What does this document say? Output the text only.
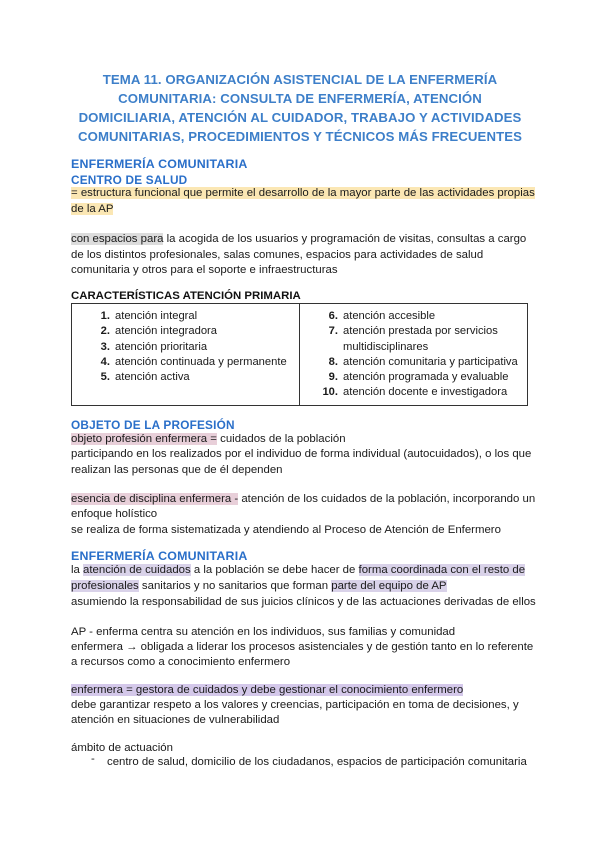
TEMA 11. ORGANIZACIÓN ASISTENCIAL DE LA ENFERMERÍA
COMUNITARIA: CONSULTA DE ENFERMERÍA, ATENCIÓN
DOMICILIARIA, ATENCIÓN AL CUIDADOR, TRABAJO Y ACTIVIDADES
COMUNITARIAS, PROCEDIMIENTOS Y TÉCNICOS MÁS FRECUENTES
ENFERMERÍA COMUNITARIA
CENTRO DE SALUD
= estructura funcional que permite el desarrollo de la mayor parte de las actividades propias
de la AP
con espacios para la acogida de los usuarios y programación de visitas, consultas a cargo
de los distintos profesionales, salas comunes, espacios para actividades de salud
comunitaria y otros para el soporte e infraestructuras
CARACTERÍSTICAS ATENCIÓN PRIMARIA
1. atención integral
2. atención integradora
3. atención prioritaria
4. atención continuada y permanente
5. atención activa

6. atención accesible
7. atención prestada por servicios
multidisciplinares
8. atención comunitaria y participativa
9. atención programada y evaluable
10. atención docente e investigadora
OBJETO DE LA PROFESIÓN
objeto profesión enfermera = cuidados de la población
participando en los realizados por el individuo de forma individual (autocuidados), o los que
realizan las personas que de él dependen
esencia de disciplina enfermera - atención de los cuidados de la población, incorporando un
enfoque holístico
se realiza de forma sistematizada y atendiendo al Proceso de Atención de Enfermero
ENFERMERÍA COMUNITARIA
la atención de cuidados a la población se debe hacer de forma coordinada con el resto de
profesionales sanitarios y no sanitarios que forman parte del equipo de AP
asumiendo la responsabilidad de sus juicios clínicos y de las actuaciones derivadas de ellos
AP - enferma centra su atención en los individuos, sus familias y comunidad
enfermera → obligada a liderar los procesos asistenciales y de gestión tanto en lo referente
a recursos como a conocimiento enfermero
enfermera = gestora de cuidados y debe gestionar el conocimiento enfermero
debe garantizar respeto a los valores y creencias, participación en toma de decisiones, y
atención en situaciones de vulnerabilidad
ámbito de actuación
- centro de salud, domicilio de los ciudadanos, espacios de participación comunitaria
